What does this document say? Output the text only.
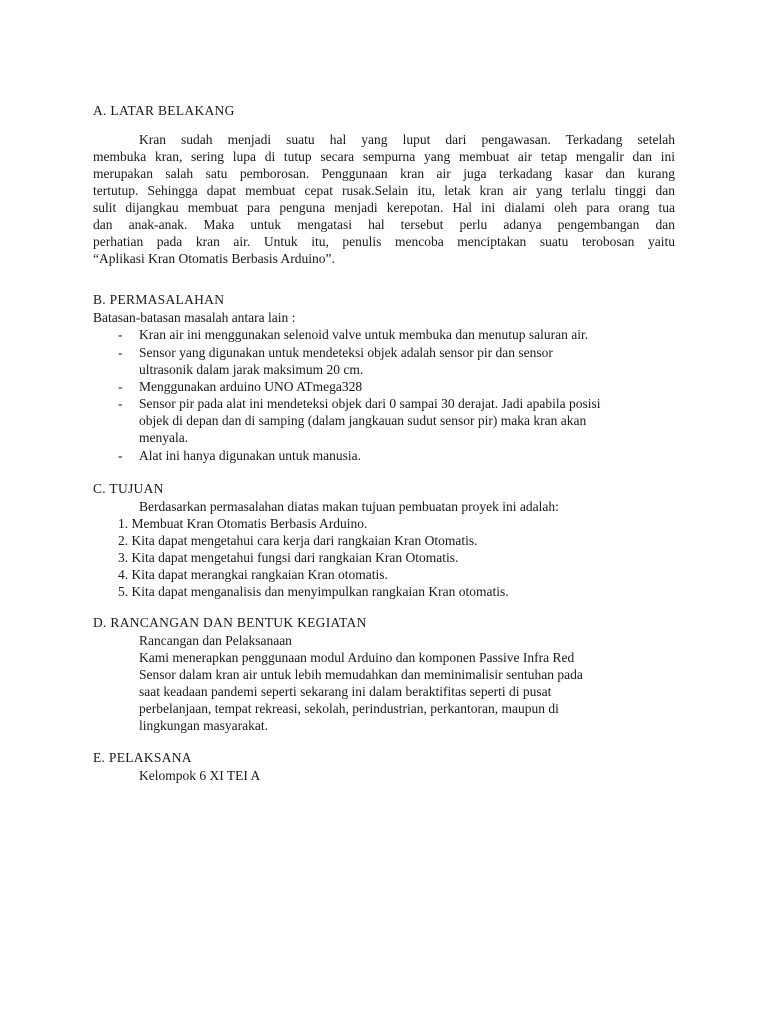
A. LATAR BELAKANG
Kran sudah menjadi suatu hal yang luput dari pengawasan. Terkadang setelah
membuka kran, sering lupa di tutup secara sempurna yang membuat air tetap mengalir dan ini
merupakan salah satu pemborosan. Penggunaan kran air juga terkadang kasar dan kurang
tertutup. Sehingga dapat membuat cepat rusak.Selain itu, letak kran air yang terlalu tinggi dan
sulit dijangkau membuat para penguna menjadi kerepotan. Hal ini dialami oleh para orang tua
dan anak-anak. Maka untuk mengatasi hal tersebut perlu adanya pengembangan dan
perhatian pada kran air. Untuk itu, penulis mencoba menciptakan suatu terobosan yaitu
“Aplikasi Kran Otomatis Berbasis Arduino”.
B. PERMASALAHAN
Batasan-batasan masalah antara lain :
- Kran air ini menggunakan selenoid valve untuk membuka dan menutup saluran air.
- Sensor yang digunakan untuk mendeteksi objek adalah sensor pir dan sensor
ultrasonik dalam jarak maksimum 20 cm.
- Menggunakan arduino UNO ATmega328
- Sensor pir pada alat ini mendeteksi objek dari 0 sampai 30 derajat. Jadi apabila posisi
objek di depan dan di samping (dalam jangkauan sudut sensor pir) maka kran akan
menyala.
- Alat ini hanya digunakan untuk manusia.
C. TUJUAN
Berdasarkan permasalahan diatas makan tujuan pembuatan proyek ini adalah:
1. Membuat Kran Otomatis Berbasis Arduino.
2. Kita dapat mengetahui cara kerja dari rangkaian Kran Otomatis.
3. Kita dapat mengetahui fungsi dari rangkaian Kran Otomatis.
4. Kita dapat merangkai rangkaian Kran otomatis.
5. Kita dapat menganalisis dan menyimpulkan rangkaian Kran otomatis.
D. RANCANGAN DAN BENTUK KEGIATAN
Rancangan dan Pelaksanaan
Kami menerapkan penggunaan modul Arduino dan komponen Passive Infra Red
Sensor dalam kran air untuk lebih memudahkan dan meminimalisir sentuhan pada
saat keadaan pandemi seperti sekarang ini dalam beraktifitas seperti di pusat
perbelanjaan, tempat rekreasi, sekolah, perindustrian, perkantoran, maupun di
lingkungan masyarakat.
E. PELAKSANA
Kelompok 6 XI TEI A
